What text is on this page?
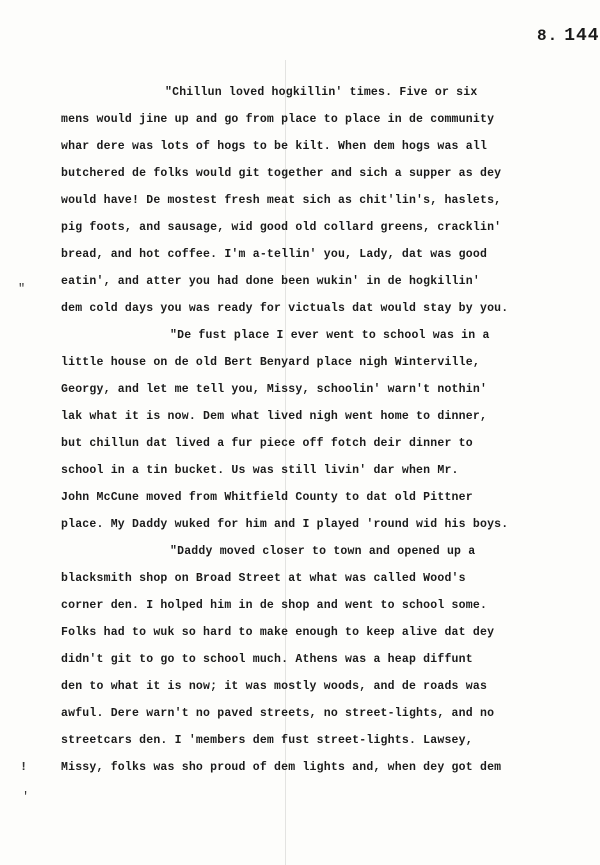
8. 144
″
!
'
"Chillun loved hogkillin' times. Five or six
mens would jine up and go from place to place in de community
whar dere was lots of hogs to be kilt. When dem hogs was all
butchered de folks would git together and sich a supper as dey
would have! De mostest fresh meat sich as chit'lin's, haslets,
pig foots, and sausage, wid good old collard greens, cracklin'
bread, and hot coffee. I'm a-tellin' you, Lady, dat was good
eatin', and atter you had done been wukin' in de hogkillin'
dem cold days you was ready for victuals dat would stay by you.
"De fust place I ever went to school was in a
little house on de old Bert Benyard place nigh Winterville,
Georgy, and let me tell you, Missy, schoolin' warn't nothin'
lak what it is now. Dem what lived nigh went home to dinner,
but chillun dat lived a fur piece off fotch deir dinner to
school in a tin bucket. Us was still livin' dar when Mr.
John McCune moved from Whitfield County to dat old Pittner
place. My Daddy wuked for him and I played 'round wid his boys.
"Daddy moved closer to town and opened up a
blacksmith shop on Broad Street at what was called Wood's
corner den. I holped him in de shop and went to school some.
Folks had to wuk so hard to make enough to keep alive dat dey
didn't git to go to school much. Athens was a heap diffunt
den to what it is now; it was mostly woods, and de roads was
awful. Dere warn't no paved streets, no street-lights, and no
streetcars den. I 'members dem fust street-lights. Lawsey,
Missy, folks was sho proud of dem lights and, when dey got dem
